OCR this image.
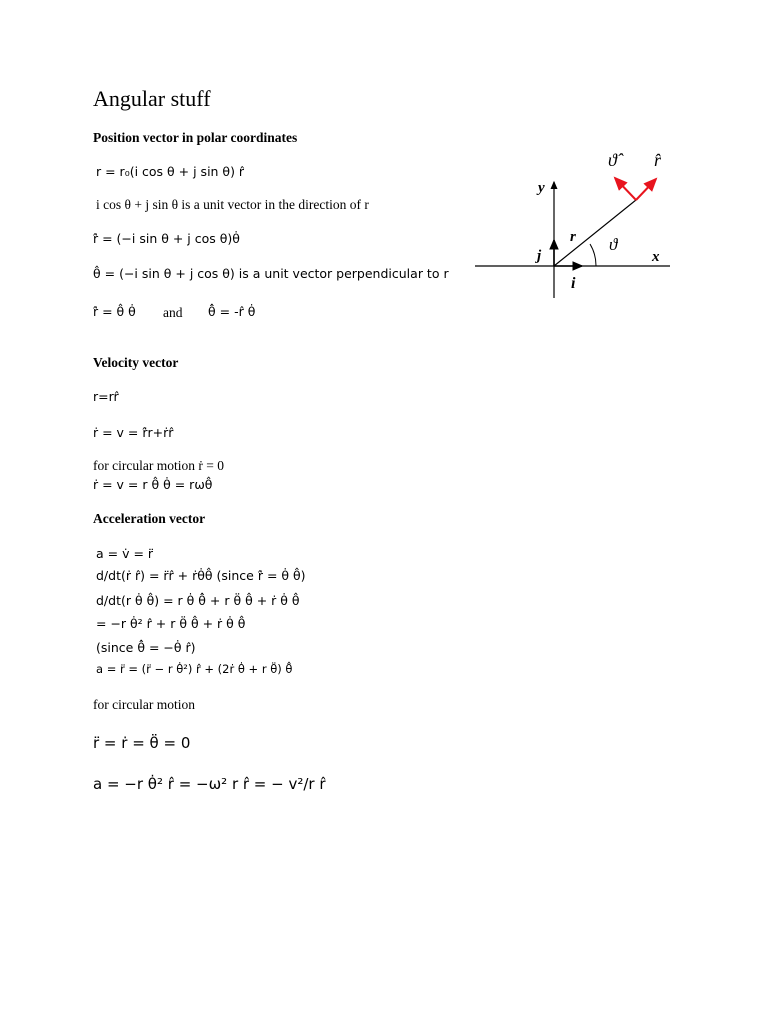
Angular stuff
Position vector in polar coordinates
r = r₀(i cos θ + j sin θ) r̂
i cos θ + j sin θ is a unit vector in the direction of r
ṙ̂ = (−i sin θ + j cos θ)θ̇
θ̂ = (−i sin θ + j cos θ) is a unit vector perpendicular to r
ṙ̂ = θ̂ θ̇ and θ̂̇ = -r̂ θ̇
Velocity vector
r=rr̂
ṙ = v = ṙ̂r+ṙr̂
for circular motion ṙ = 0
ṙ = v = r θ̂ θ̇ = rωθ̂
Acceleration vector
a = v̇ = r̈
d/dt(ṙ r̂) = r̈r̂ + ṙθ̇θ̂ (since ṙ̂ = θ̇ θ̂)
d/dt(r θ̇ θ̂) = r θ̇ θ̂̇ + r θ̈ θ̂ + ṙ θ̇ θ̂
= −r θ̇² r̂ + r θ̈ θ̂ + ṙ θ̇ θ̂
(since θ̂̇ = −θ̇ r̂)
a = r̈ = (r̈ − r θ̇²) r̂ + (2ṙ θ̇ + r θ̈) θ̂
for circular motion
r̈ = ṙ = θ̈ = 0
a = −r θ̇² r̂ = −ω² r r̂ = − v²/r r̂
y
x
r
i
j
ϑ
ϑ̂	r̂
